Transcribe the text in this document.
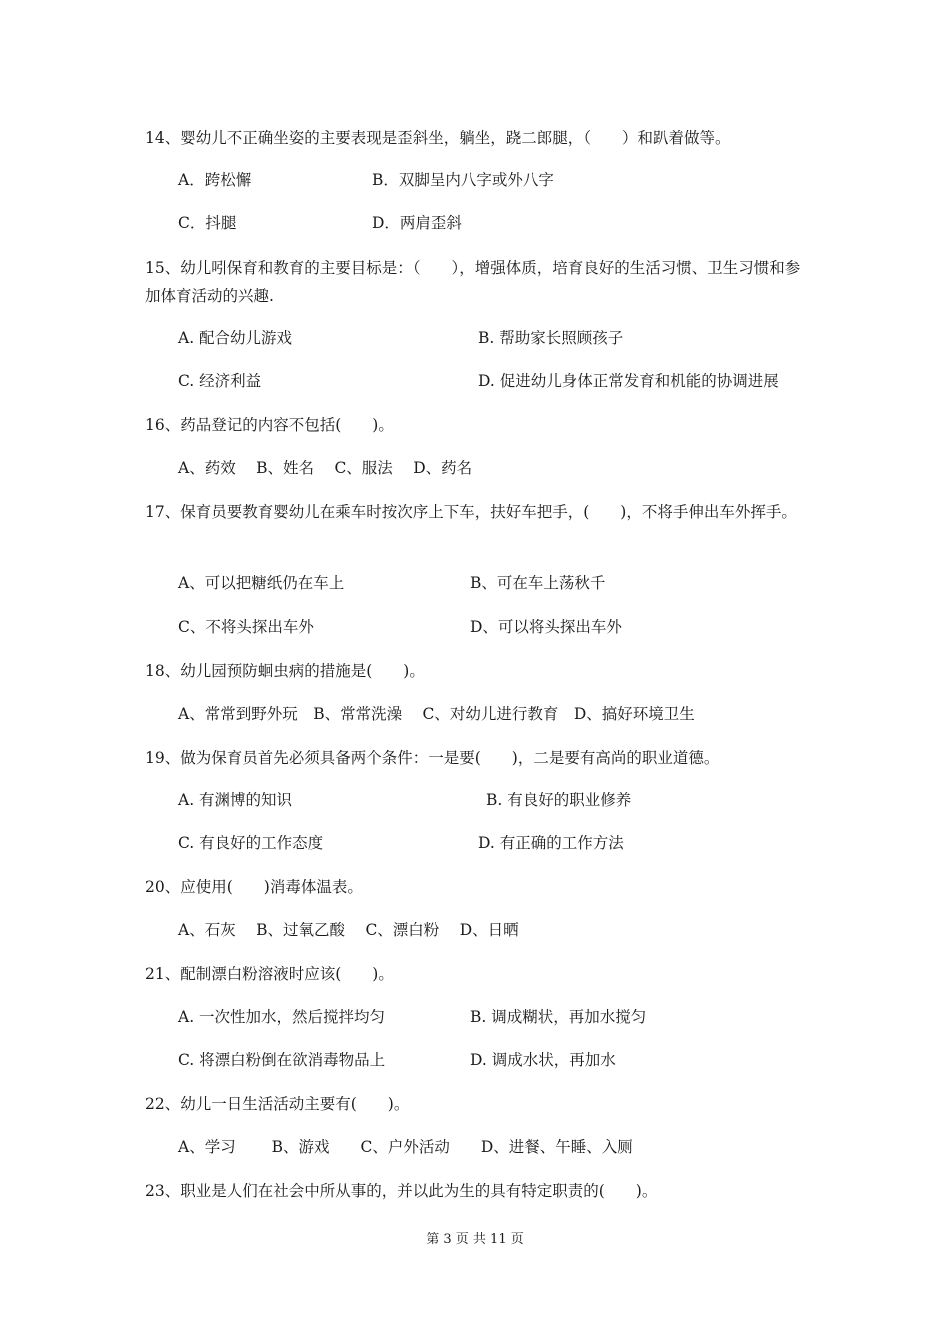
14、婴幼儿不正确坐姿的主要表现是歪斜坐，躺坐，跷二郎腿，（　　）和趴着做等。
A．跨松懈	B．双脚呈内八字或外八字
C．抖腿	D．两肩歪斜
15、幼儿吲保育和教育的主要目标是：（　　），增强体质，培育良好的生活习惯、卫生习惯和参加体育活动的兴趣.
A. 配合幼儿游戏	B. 帮助家长照顾孩子
C. 经济利益	D. 促进幼儿身体正常发育和机能的协调进展
16、药品登记的内容不包括(　　)。
A、药效　 B、姓名　 C、服法　 D、药名
17、保育员要教育婴幼儿在乘车时按次序上下车，扶好车把手，(　　)，不将手伸出车外挥手。
A、可以把糖纸仍在车上	B、可在车上荡秋千
C、不将头探出车外	D、可以将头探出车外
18、幼儿园预防蛔虫病的措施是(　　)。
A、常常到野外玩　B、常常洗澡　 C、对幼儿进行教育　D、搞好环境卫生
19、做为保育员首先必须具备两个条件：一是要(　　)，二是要有高尚的职业道德。
A. 有渊博的知识	B. 有良好的职业修养
C. 有良好的工作态度	D. 有正确的工作方法
20、应使用(　　)消毒体温表。
A、石灰　 B、过氧乙酸　 C、漂白粉　 D、日晒
21、配制漂白粉溶液时应该(　　)。
A. 一次性加水，然后搅拌均匀	B. 调成糊状，再加水搅匀
C. 将漂白粉倒在欲消毒物品上	D. 调成水状，再加水
22、幼儿一日生活活动主要有(　　)。
A、学习　　 B、游戏　　C、户外活动　　D、进餐、午睡、入厕
23、职业是人们在社会中所从事的，并以此为生的具有特定职责的(　　)。
第 3 页 共 11 页
